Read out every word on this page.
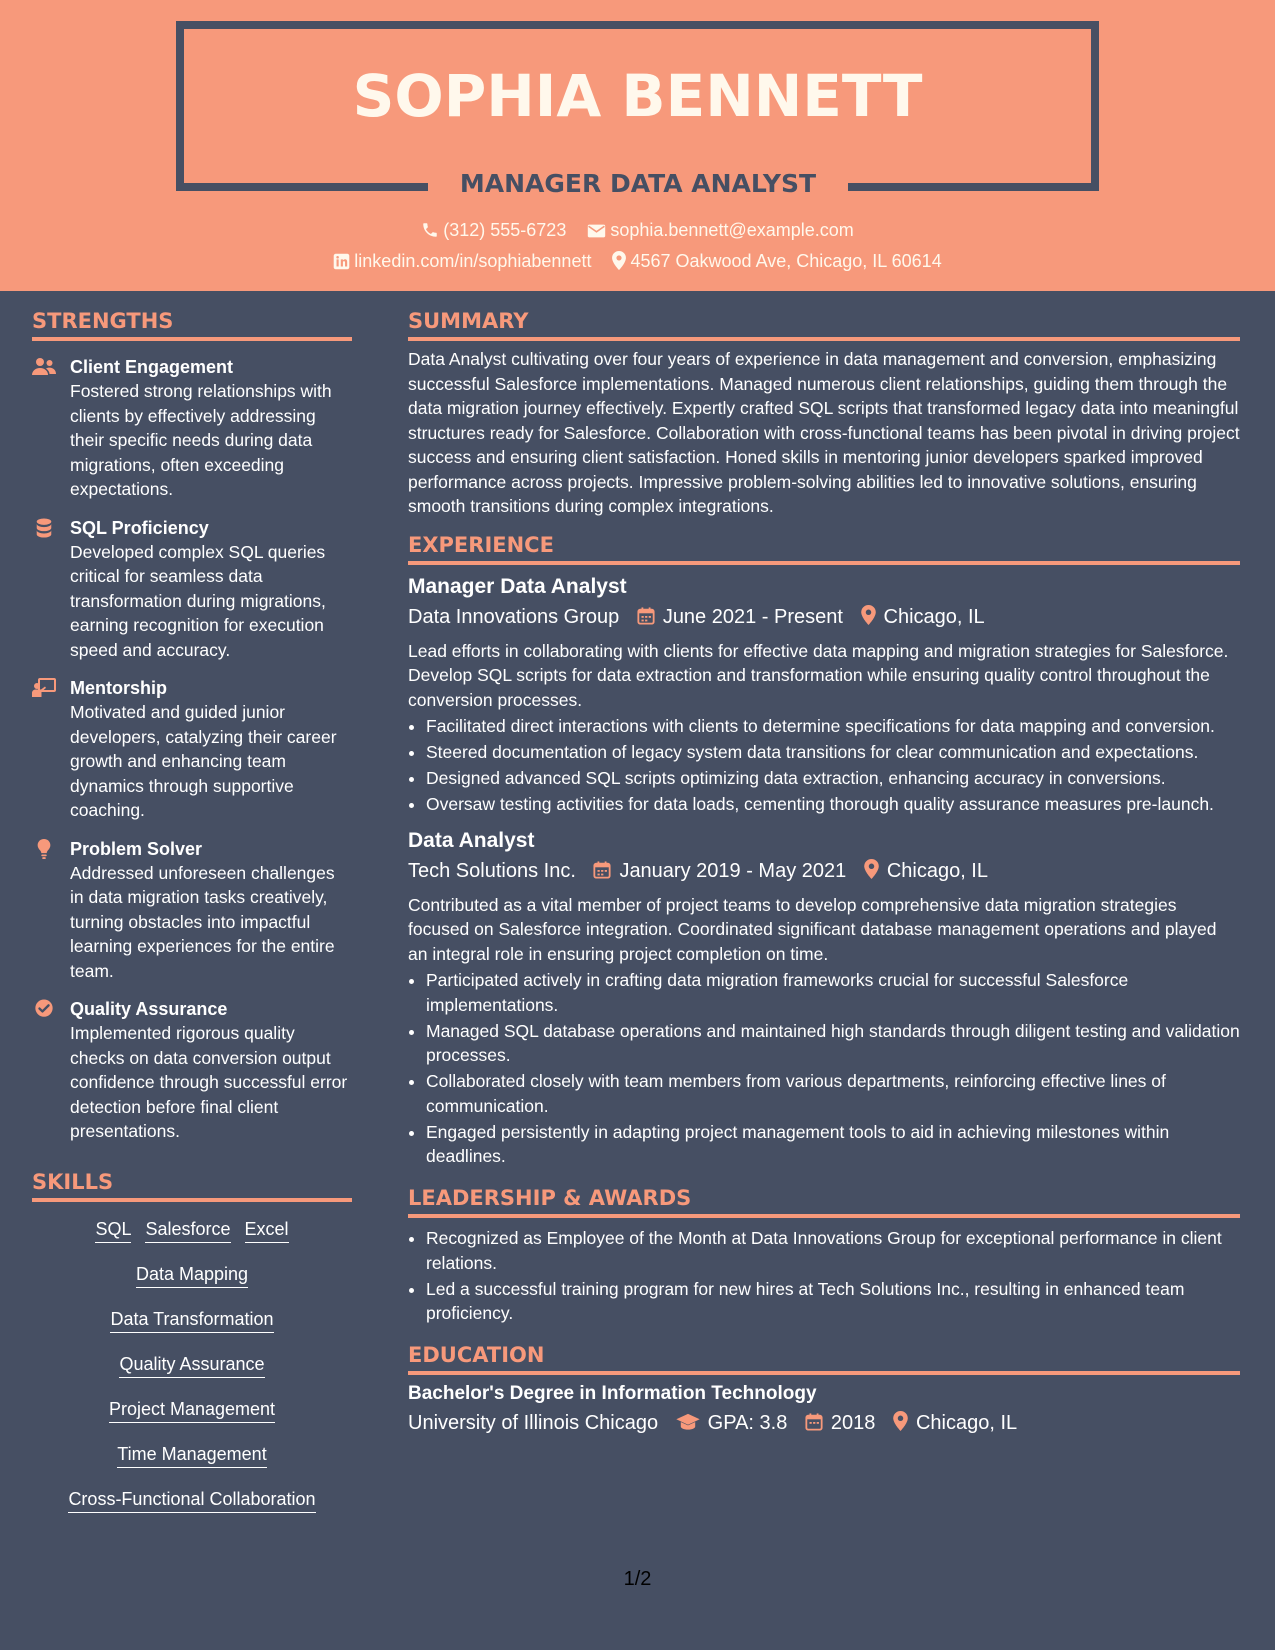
SOPHIA BENNETT
MANAGER DATA ANALYST
(312) 555-6723 sophia.bennett@example.com
linkedin.com/in/sophiabennett 4567 Oakwood Ave, Chicago, IL 60614
STRENGTHS
Client Engagement
Fostered strong relationships with clients by effectively addressing their specific needs during data migrations, often exceeding expectations.
SQL Proficiency
Developed complex SQL queries critical for seamless data transformation during migrations, earning recognition for execution speed and accuracy.
Mentorship
Motivated and guided junior developers, catalyzing their career growth and enhancing team dynamics through supportive coaching.
Problem Solver
Addressed unforeseen challenges in data migration tasks creatively, turning obstacles into impactful learning experiences for the entire team.
Quality Assurance
Implemented rigorous quality checks on data conversion output confidence through successful error detection before final client presentations.
SKILLS
SQL Salesforce Excel
Data Mapping
Data Transformation
Quality Assurance
Project Management
Time Management
Cross-Functional Collaboration
SUMMARY

Data Analyst cultivating over four years of experience in data management and conversion, emphasizing successful Salesforce implementations. Managed numerous client relationships, guiding them through the data migration journey effectively. Expertly crafted SQL scripts that transformed legacy data into meaningful structures ready for Salesforce. Collaboration with cross-functional teams has been pivotal in driving project success and ensuring client satisfaction. Honed skills in mentoring junior developers sparked improved performance across projects. Impressive problem-solving abilities led to innovative solutions, ensuring smooth transitions during complex integrations.

EXPERIENCE
Manager Data Analyst
Data Innovations Group June 2021 - Present Chicago, IL

Lead efforts in collaborating with clients for effective data mapping and migration strategies for Salesforce. Develop SQL scripts for data extraction and transformation while ensuring quality control throughout the conversion processes.

• Facilitated direct interactions with clients to determine specifications for data mapping and conversion.
• Steered documentation of legacy system data transitions for clear communication and expectations.
• Designed advanced SQL scripts optimizing data extraction, enhancing accuracy in conversions.
• Oversaw testing activities for data loads, cementing thorough quality assurance measures pre-launch.
Data Analyst
Tech Solutions Inc. January 2019 - May 2021 Chicago, IL

Contributed as a vital member of project teams to develop comprehensive data migration strategies focused on Salesforce integration. Coordinated significant database management operations and played an integral role in ensuring project completion on time.

• Participated actively in crafting data migration frameworks crucial for successful Salesforce implementations.
• Managed SQL database operations and maintained high standards through diligent testing and validation processes.
• Collaborated closely with team members from various departments, reinforcing effective lines of communication.
• Engaged persistently in adapting project management tools to aid in achieving milestones within deadlines.
LEADERSHIP & AWARDS
• Recognized as Employee of the Month at Data Innovations Group for exceptional performance in client relations.
• Led a successful training program for new hires at Tech Solutions Inc., resulting in enhanced team proficiency.
EDUCATION
Bachelor's Degree in Information Technology
University of Illinois Chicago GPA: 3.8 2018 Chicago, IL
1/2
